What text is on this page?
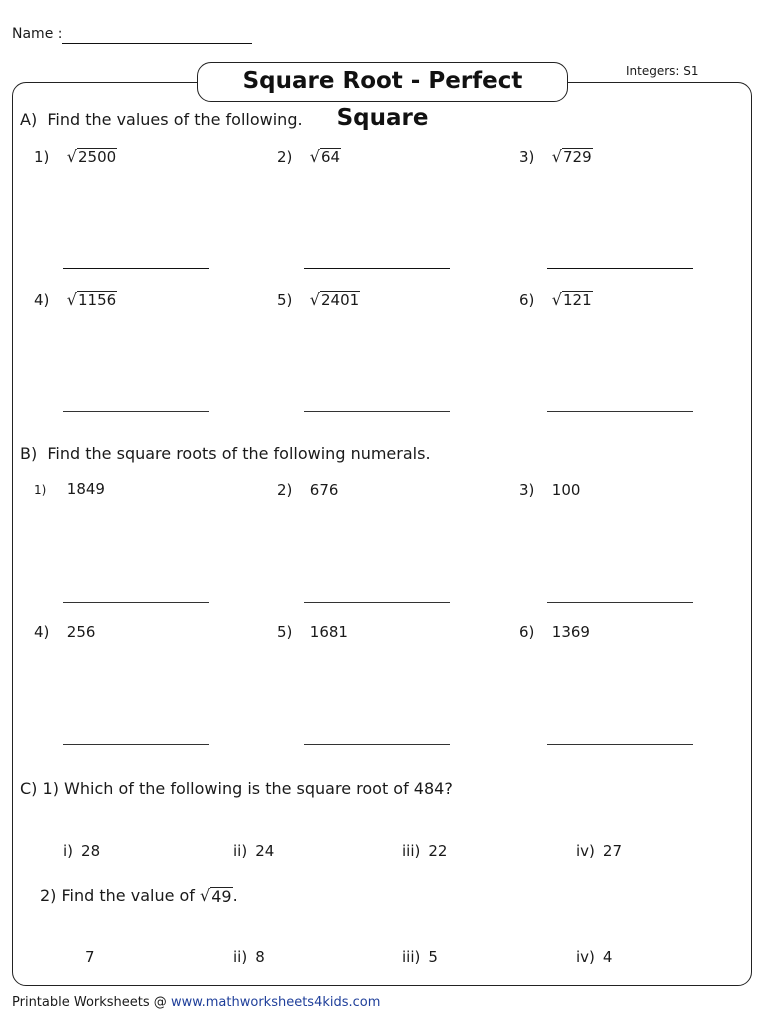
Name :
Integers: S1
Square Root - Perfect Square
A) Find the values of the following.
1) √ 2500	2) √ 64	3) √ 729
4) √ 1156	5) √ 2401	6) √ 121
B) Find the square roots of the following numerals.
1) 1849	2) 676	3) 100
4) 256	5) 1681	6) 1369
C) 1) Which of the following is the square root of 484?
i) 28	ii) 24	iii) 22	iv) 27
2) Find the value of √ 49 .
7	ii) 8	iii) 5	iv) 4
Printable Worksheets @ www.mathworksheets4kids.com
